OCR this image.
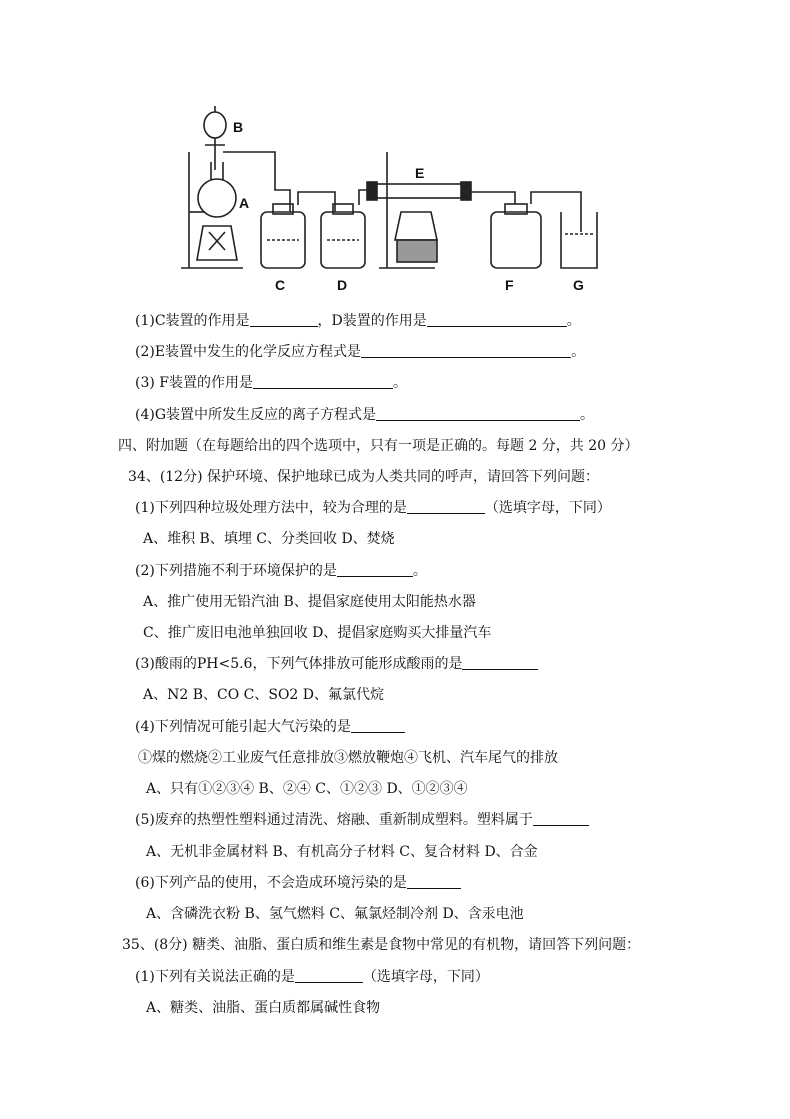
B
A
C	D
E
F	G
(1)C装置的作用是	，D装置的作用是	。
(2)E装置中发生的化学反应方程式是	。
(3) F装置的作用是	。
(4)G装置中所发生反应的离子方程式是	。
四、附加题（在每题给出的四个选项中，只有一项是正确的。每题 2 分，共 20 分）
34、(12分) 保护环境、保护地球已成为人类共同的呼声，请回答下列问题：
(1)下列四种垃圾处理方法中，较为合理的是	（选填字母，下同）
A、堆积 B、填埋 C、分类回收 D、焚烧
(2)下列措施不利于环境保护的是	。
A、推广使用无铅汽油 B、提倡家庭使用太阳能热水器
C、推广废旧电池单独回收 D、提倡家庭购买大排量汽车
(3)酸雨的PH<5.6，下列气体排放可能形成酸雨的是
A、N2 B、CO C、SO2 D、氟氯代烷
(4)下列情况可能引起大气污染的是
①煤的燃烧②工业废气任意排放③燃放鞭炮④飞机、汽车尾气的排放
A、只有①②③④ B、②④ C、①②③ D、①②③④
(5)废弃的热塑性塑料通过清洗、熔融、重新制成塑料。塑料属于
A、无机非金属材料 B、有机高分子材料 C、复合材料 D、合金
(6)下列产品的使用，不会造成环境污染的是
A、含磷洗衣粉 B、氢气燃料 C、氟氯烃制冷剂 D、含汞电池
35、(8分) 糖类、油脂、蛋白质和维生素是食物中常见的有机物，请回答下列问题：
(1)下列有关说法正确的是	（选填字母，下同）
A、糖类、油脂、蛋白质都属碱性食物
